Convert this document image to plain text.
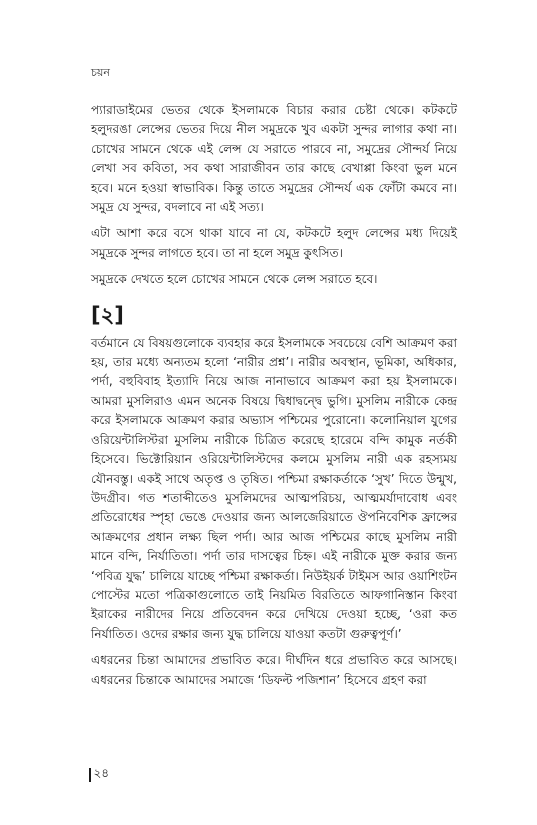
চয়ন

প্যারাডাইমের ভেতর থেকে ইসলামকে বিচার করার চেষ্টা থেকে। কটকটে হলুদরঙা লেন্সের ভেতর দিয়ে নীল সমুদ্রকে খুব একটা সুন্দর লাগার কথা না। চোখের সামনে থেকে এই লেন্স যে সরাতে পারবে না, সমুদ্রের সৌন্দর্য নিয়ে লেখা সব কবিতা, সব কথা সারাজীবন তার কাছে বেখাপ্পা কিংবা ভুল মনে হবে। মনে হওয়া স্বাভাবিক। কিন্তু তাতে সমুদ্রের সৌন্দর্য এক ফোঁটা কমবে না। সমুদ্র যে সুন্দর, বদলাবে না এই সত্য।

এটা আশা করে বসে থাকা যাবে না যে, কটকটে হলুদ লেন্সের মধ্য দিয়েই সমুদ্রকে সুন্দর লাগতে হবে। তা না হলে সমুদ্র কুৎসিত।

সমুদ্রকে দেখতে হলে চোখের সামনে থেকে লেন্স সরাতে হবে।

[২]

বর্তমানে যে বিষয়গুলোকে ব্যবহার করে ইসলামকে সবচেয়ে বেশি আক্রমণ করা হয়, তার মধ্যে অন্যতম হলো ‘নারীর প্রশ্ন’। নারীর অবস্থান, ভূমিকা, অধিকার, পর্দা, বহুবিবাহ ইত্যাদি নিয়ে আজ নানাভাবে আক্রমণ করা হয় ইসলামকে। আমরা মুসলিরাও এমন অনেক বিষয়ে দ্বিধাদ্বন্দ্বে ভুগি। মুসলিম নারীকে কেন্দ্র করে ইসলামকে আক্রমণ করার অভ্যাস পশ্চিমের পুরোনো। কলোনিয়াল যুগের ওরিয়েন্টালিস্টরা মুসলিম নারীকে চিত্রিত করেছে হারেমে বন্দি কামুক নর্তকী হিসেবে। ভিক্টোরিয়ান ওরিয়েন্টালিস্টদের কলমে মুসলিম নারী এক রহস্যময় যৌনবস্তু। একই সাথে অতৃপ্ত ও তৃষিত। পশ্চিমা রক্ষাকর্তাকে ‘সুখ’ দিতে উন্মুখ, উদগ্রীব। গত শতাব্দীতেও মুসলিমদের আত্মপরিচয়, আত্মমর্যাদাবোধ এবং প্রতিরোধের স্পৃহা ভেঙে দেওয়ার জন্য আলজেরিয়াতে ঔপনিবেশিক ফ্রান্সের আক্রমণের প্রধান লক্ষ্য ছিল পর্দা। আর আজ পশ্চিমের কাছে মুসলিম নারী মানে বন্দি, নির্যাতিতা। পর্দা তার দাসত্বের চিহ্ন। এই নারীকে মুক্ত করার জন্য ‘পবিত্র যুদ্ধ’ চালিয়ে যাচ্ছে পশ্চিমা রক্ষাকর্তা। নিউইয়র্ক টাইমস আর ওয়াশিংটন পোস্টের মতো পত্রিকাগুলোতে তাই নিয়মিত বিরতিতে আফগানিস্তান কিংবা ইরাকের নারীদের নিয়ে প্রতিবেদন করে দেখিয়ে দেওয়া হচ্ছে, ‘ওরা কত নির্যাতিত। ওদের রক্ষার জন্য যুদ্ধ চালিয়ে যাওয়া কতটা গুরুত্বপূর্ণ।’

এধরনের চিন্তা আমাদের প্রভাবিত করে। দীর্ঘদিন ধরে প্রভাবিত করে আসছে। এধরনের চিন্তাকে আমাদের সমাজে ‘ডিফল্ট পজিশান’ হিসেবে গ্রহণ করা

২৪
